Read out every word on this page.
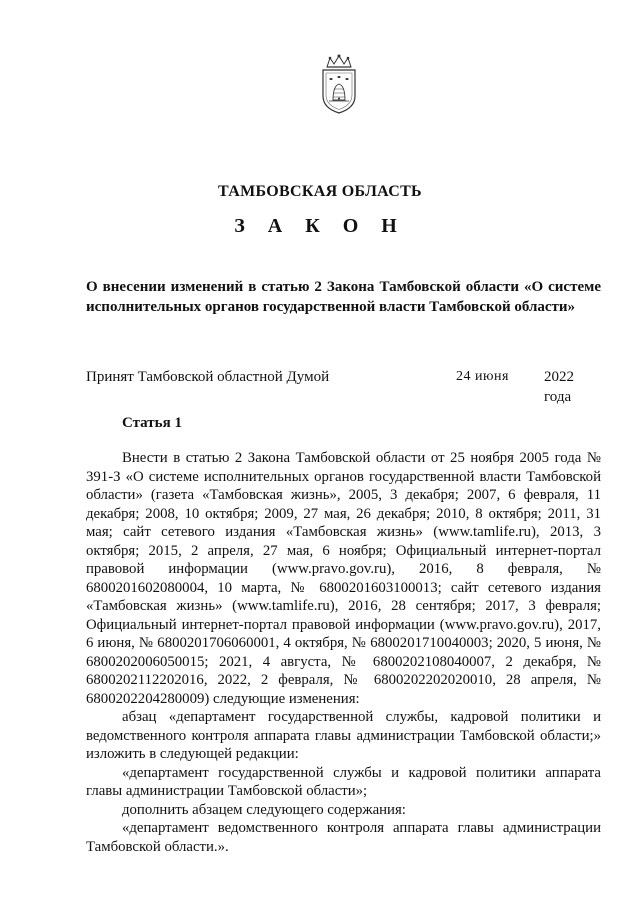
ТАМБОВСКАЯ ОБЛАСТЬ
З А К О Н
О внесении изменений в статью 2 Закона Тамбовской области «О системе исполнительных органов государственной власти Тамбовской области»
Принят Тамбовской областной Думой	24 июня 2022 года
Статья 1

Внести в статью 2 Закона Тамбовской области от 25 ноября 2005 года № 391-З «О системе исполнительных органов государственной власти Тамбовской области» (газета «Тамбовская жизнь», 2005, 3 декабря; 2007, 6 февраля, 11 декабря; 2008, 10 октября; 2009, 27 мая, 26 декабря; 2010, 8 октября; 2011, 31 мая; сайт сетевого издания «Тамбовская жизнь» (www.tamlife.ru), 2013, 3 октября; 2015, 2 апреля, 27 мая, 6 ноября; Официальный интернет-портал правовой информации (www.pravo.gov.ru), 2016, 8 февраля, № 6800201602080004, 10 марта, № 6800201603100013; сайт сетевого издания «Тамбовская жизнь» (www.tamlife.ru), 2016, 28 сентября; 2017, 3 февраля; Официальный интернет-портал правовой информации (www.pravo.gov.ru), 2017, 6 июня, № 6800201706060001, 4 октября, № 6800201710040003; 2020, 5 июня, № 6800202006050015; 2021, 4 августа, № 6800202108040007, 2 декабря, № 6800202112202016, 2022, 2 февраля, № 6800202202020010, 28 апреля, № 6800202204280009) следующие изменения:

абзац «департамент государственной службы, кадровой политики и ведомственного контроля аппарата главы администрации Тамбовской области;» изложить в следующей редакции:

«департамент государственной службы и кадровой политики аппарата главы администрации Тамбовской области»;

дополнить абзацем следующего содержания:

«департамент ведомственного контроля аппарата главы администрации Тамбовской области.».
